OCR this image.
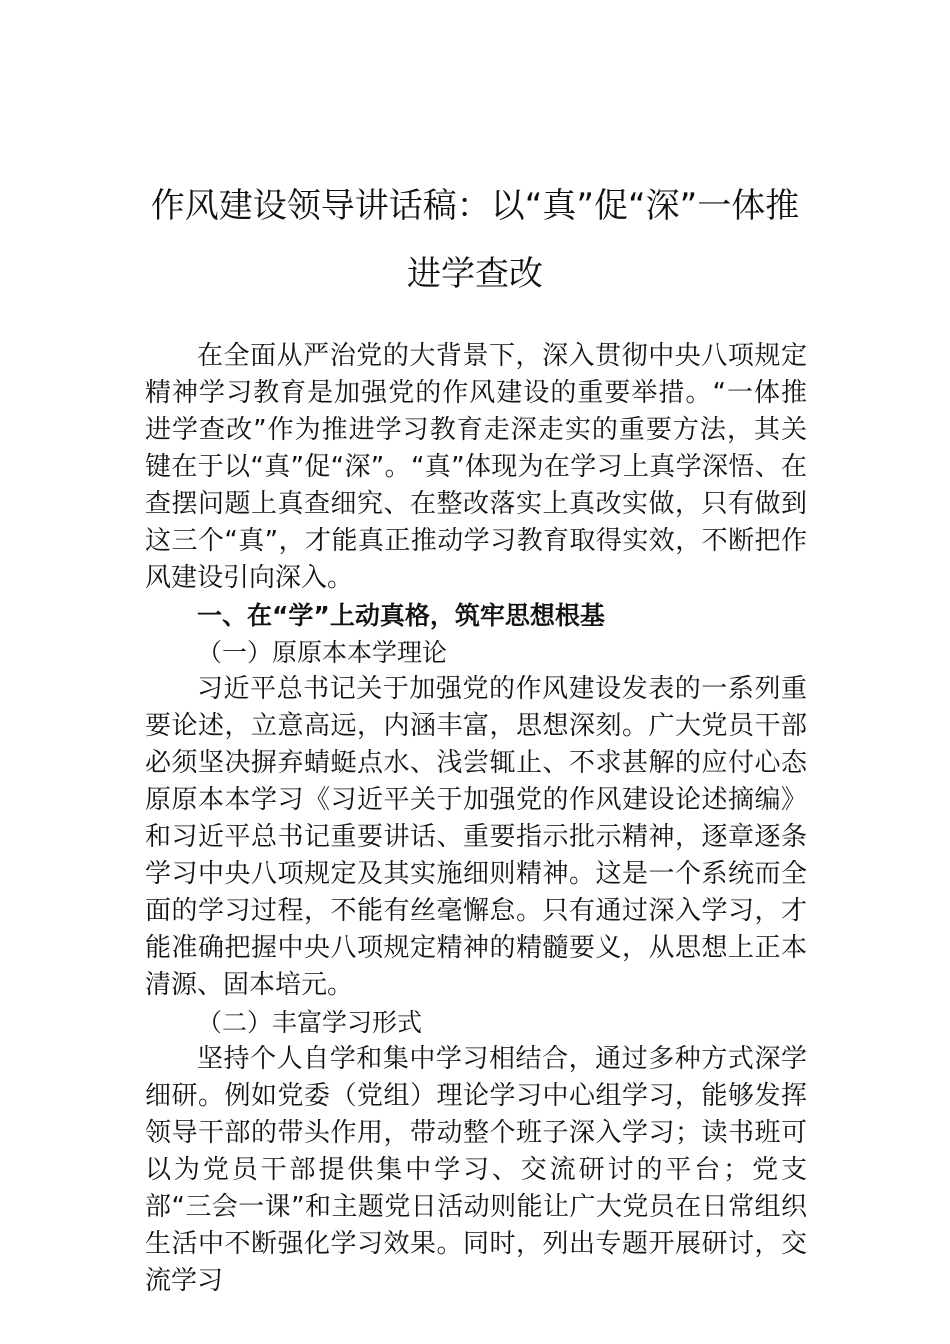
作风建设领导讲话稿：以“真”促“深”一体推进学查改

在全面从严治党的大背景下，深入贯彻中央八项规定精神学习教育是加强党的作风建设的重要举措。“一体推进学查改”作为推进学习教育走深走实的重要方法，其关键在于以“真”促“深”。“真”体现为在学习上真学深悟、在查摆问题上真查细究、在整改落实上真改实做，只有做到这三个“真”，才能真正推动学习教育取得实效，不断把作风建设引向深入。

一、在“学”上动真格，筑牢思想根基

（一）原原本本学理论

习近平总书记关于加强党的作风建设发表的一系列重要论述，立意高远，内涵丰富，思想深刻。广大党员干部必须坚决摒弃蜻蜓点水、浅尝辄止、不求甚解的应付心态原原本本学习《习近平关于加强党的作风建设论述摘编》和习近平总书记重要讲话、重要指示批示精神，逐章逐条学习中央八项规定及其实施细则精神。这是一个系统而全面的学习过程，不能有丝毫懈怠。只有通过深入学习，才能准确把握中央八项规定精神的精髓要义，从思想上正本清源、固本培元。

（二）丰富学习形式

坚持个人自学和集中学习相结合，通过多种方式深学细研。例如党委（党组）理论学习中心组学习，能够发挥领导干部的带头作用，带动整个班子深入学习；读书班可以为党员干部提供集中学习、交流研讨的平台；党支部“三会一课”和主题党日活动则能让广大党员在日常组织生活中不断强化学习效果。同时，列出专题开展研讨，交流学习
